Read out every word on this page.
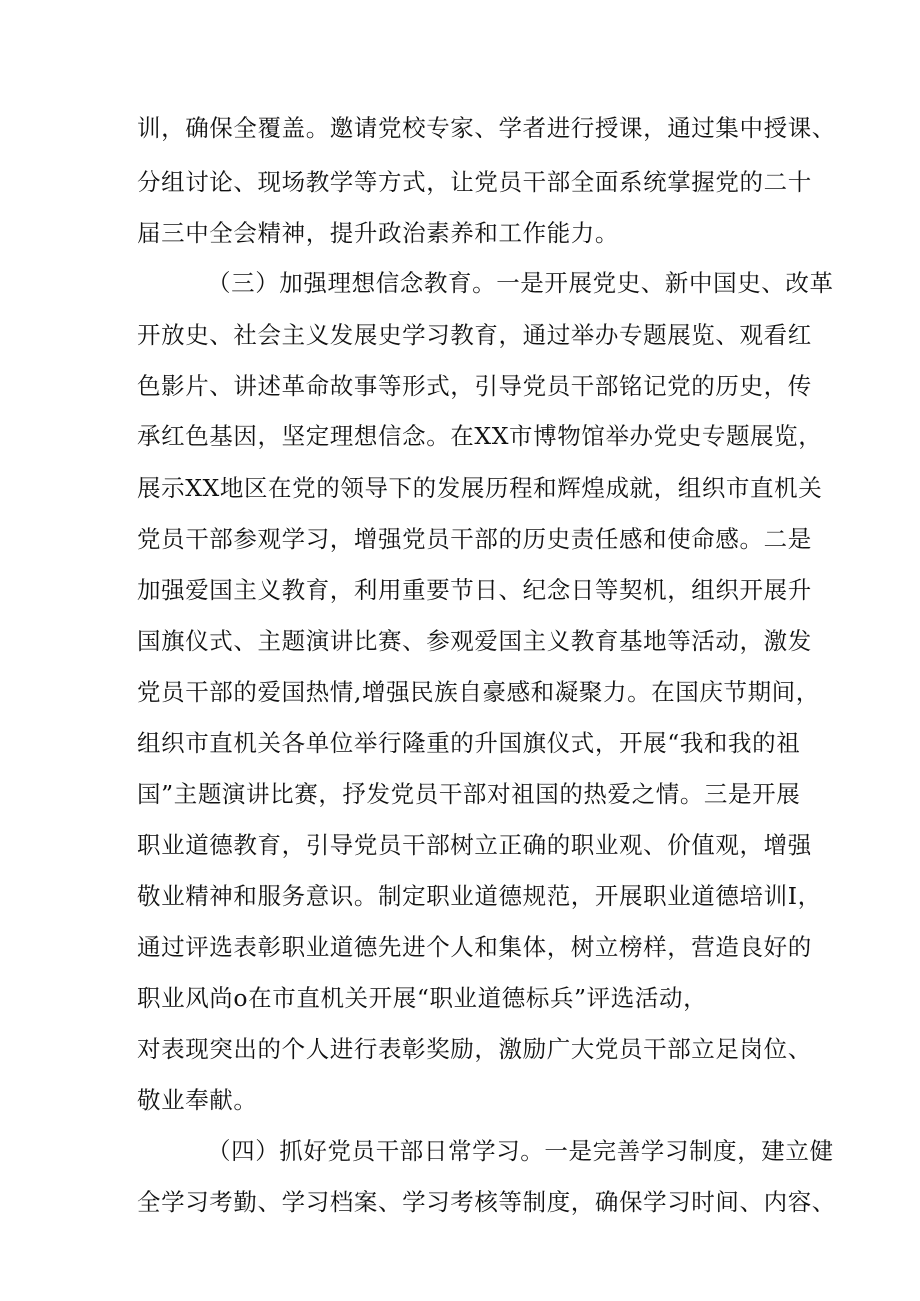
训，确保全覆盖。邀请党校专家、学者进行授课，通过集中授课、
分组讨论、现场教学等方式，让党员干部全面系统掌握党的二十
届三中全会精神，提升政治素养和工作能力。
（三）加强理想信念教育。一是开展党史、新中国史、改革
开放史、社会主义发展史学习教育，通过举办专题展览、观看红
色影片、讲述革命故事等形式，引导党员干部铭记党的历史，传
承红色基因，坚定理想信念。在XX市博物馆举办党史专题展览，
展示XX地区在党的领导下的发展历程和辉煌成就，组织市直机关
党员干部参观学习，增强党员干部的历史责任感和使命感。二是
加强爱国主义教育，利用重要节日、纪念日等契机，组织开展升
国旗仪式、主题演讲比赛、参观爱国主义教育基地等活动，激发
党员干部的爱国热情,增强民族自豪感和凝聚力。在国庆节期间，
组织市直机关各单位举行隆重的升国旗仪式，开展“我和我的祖
国”主题演讲比赛，抒发党员干部对祖国的热爱之情。三是开展
职业道德教育，引导党员干部树立正确的职业观、价值观，增强
敬业精神和服务意识。制定职业道德规范，开展职业道德培训I，
通过评选表彰职业道德先进个人和集体，树立榜样，营造良好的
职业风尚o在市直机关开展“职业道德标兵”评选活动，
对表现突出的个人进行表彰奖励，激励广大党员干部立足岗位、
敬业奉献。
（四）抓好党员干部日常学习。一是完善学习制度，建立健
全学习考勤、学习档案、学习考核等制度，确保学习时间、内容、
